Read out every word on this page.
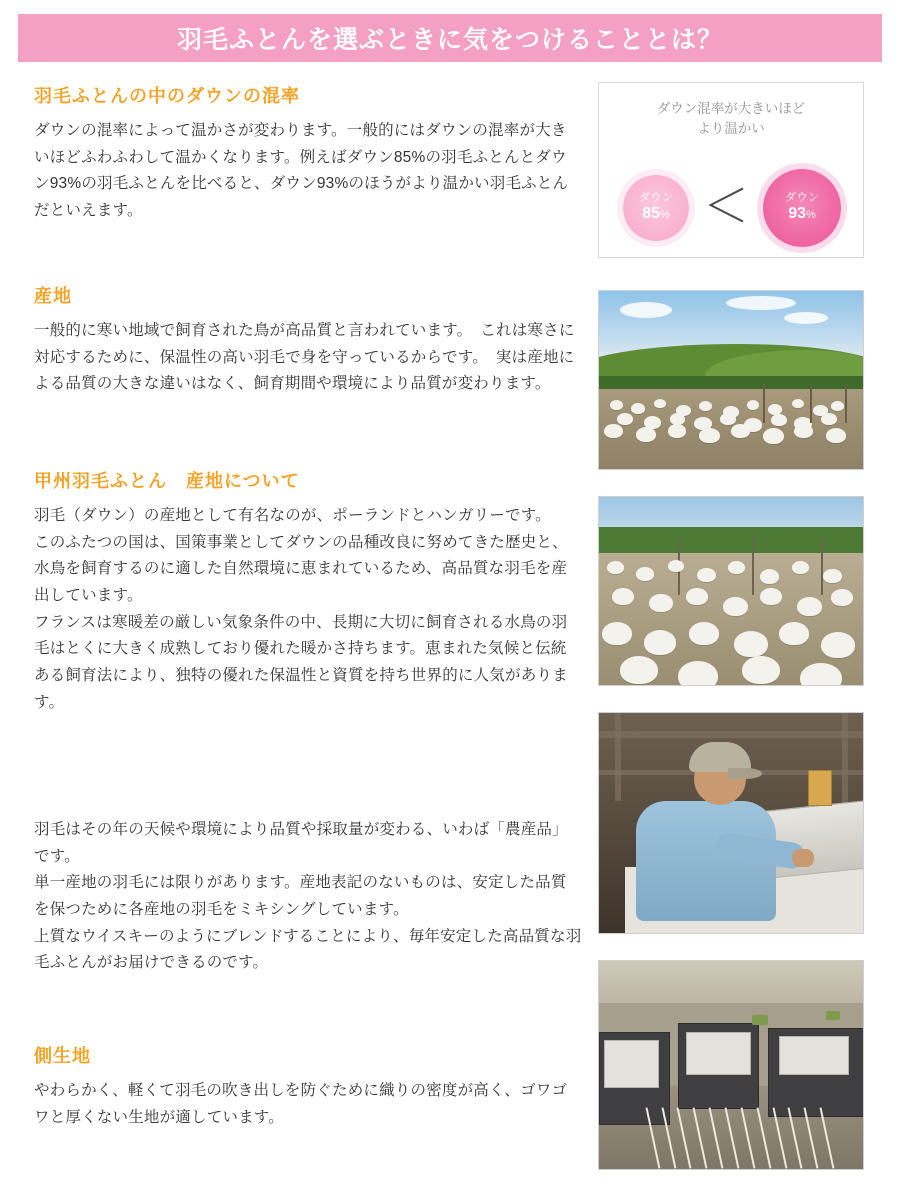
羽毛ふとんを選ぶときに気をつけることとは？
羽毛ふとんの中のダウンの混率

ダウンの混率によって温かさが変わります。一般的にはダウンの混率が大きいほどふわふわして温かくなります。例えばダウン85%の羽毛ふとんとダウン93%の羽毛ふとんを比べると、ダウン93%のほうがより温かい羽毛ふとんだといえます。

産地

一般的に寒い地域で飼育された鳥が高品質と言われています。　これは寒さに対応するために、保温性の高い羽毛で身を守っているからです。　実は産地による品質の大きな違いはなく、飼育期間や環境により品質が変わります。

甲州羽毛ふとん　産地について

羽毛（ダウン）の産地として有名なのが、ポーランドとハンガリーです。

このふたつの国は、国策事業としてダウンの品種改良に努めてきた歴史と、水鳥を飼育するのに適した自然環境に恵まれているため、高品質な羽毛を産出しています。

フランスは寒暖差の厳しい気象条件の中、長期に大切に飼育される水鳥の羽毛はとくに大きく成熟しており優れた暖かさ持ちます。恵まれた気候と伝統ある飼育法により、独特の優れた保温性と資質を持ち世界的に人気があります。

羽毛はその年の天候や環境により品質や採取量が変わる、いわば「農産品」です。

単一産地の羽毛には限りがあります。産地表記のないものは、安定した品質を保つために各産地の羽毛をミキシングしています。

上質なウイスキーのようにブレンドすることにより、毎年安定した高品質な羽毛ふとんがお届けできるのです。

側生地

やわらかく、軽くて羽毛の吹き出しを防ぐために織りの密度が高く、ゴワゴワと厚くない生地が適しています。

ダウン混率が大きいほど
より温かい
ダウン
85% ＜	ダウン
93%
